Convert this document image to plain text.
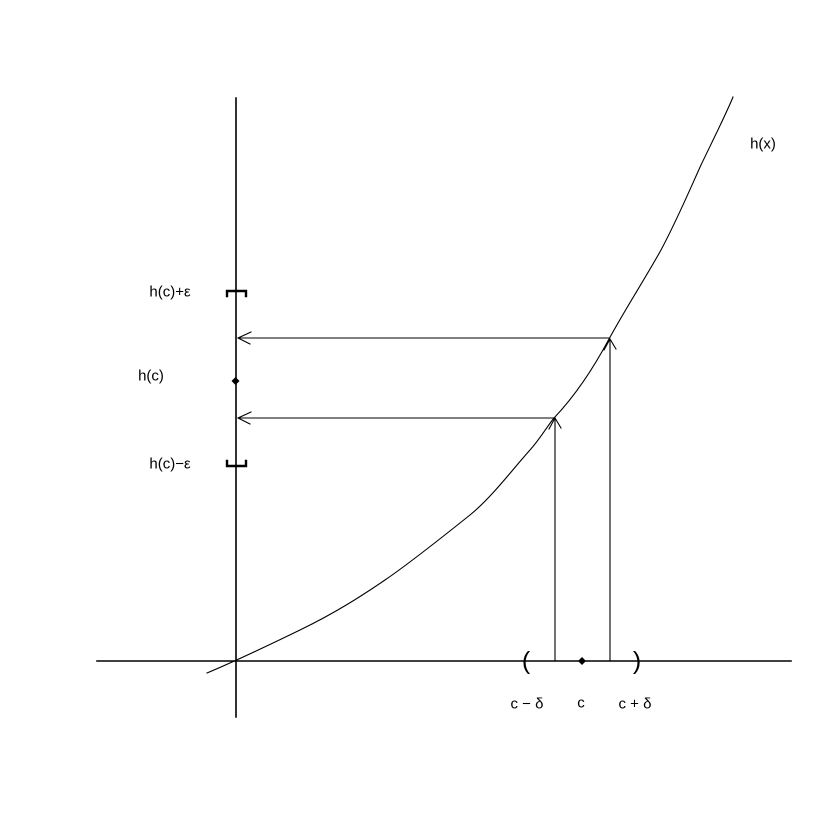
h(x)
h(c)+ε
h(c)
h(c)−ε
c − δ c c + δ
(	)
